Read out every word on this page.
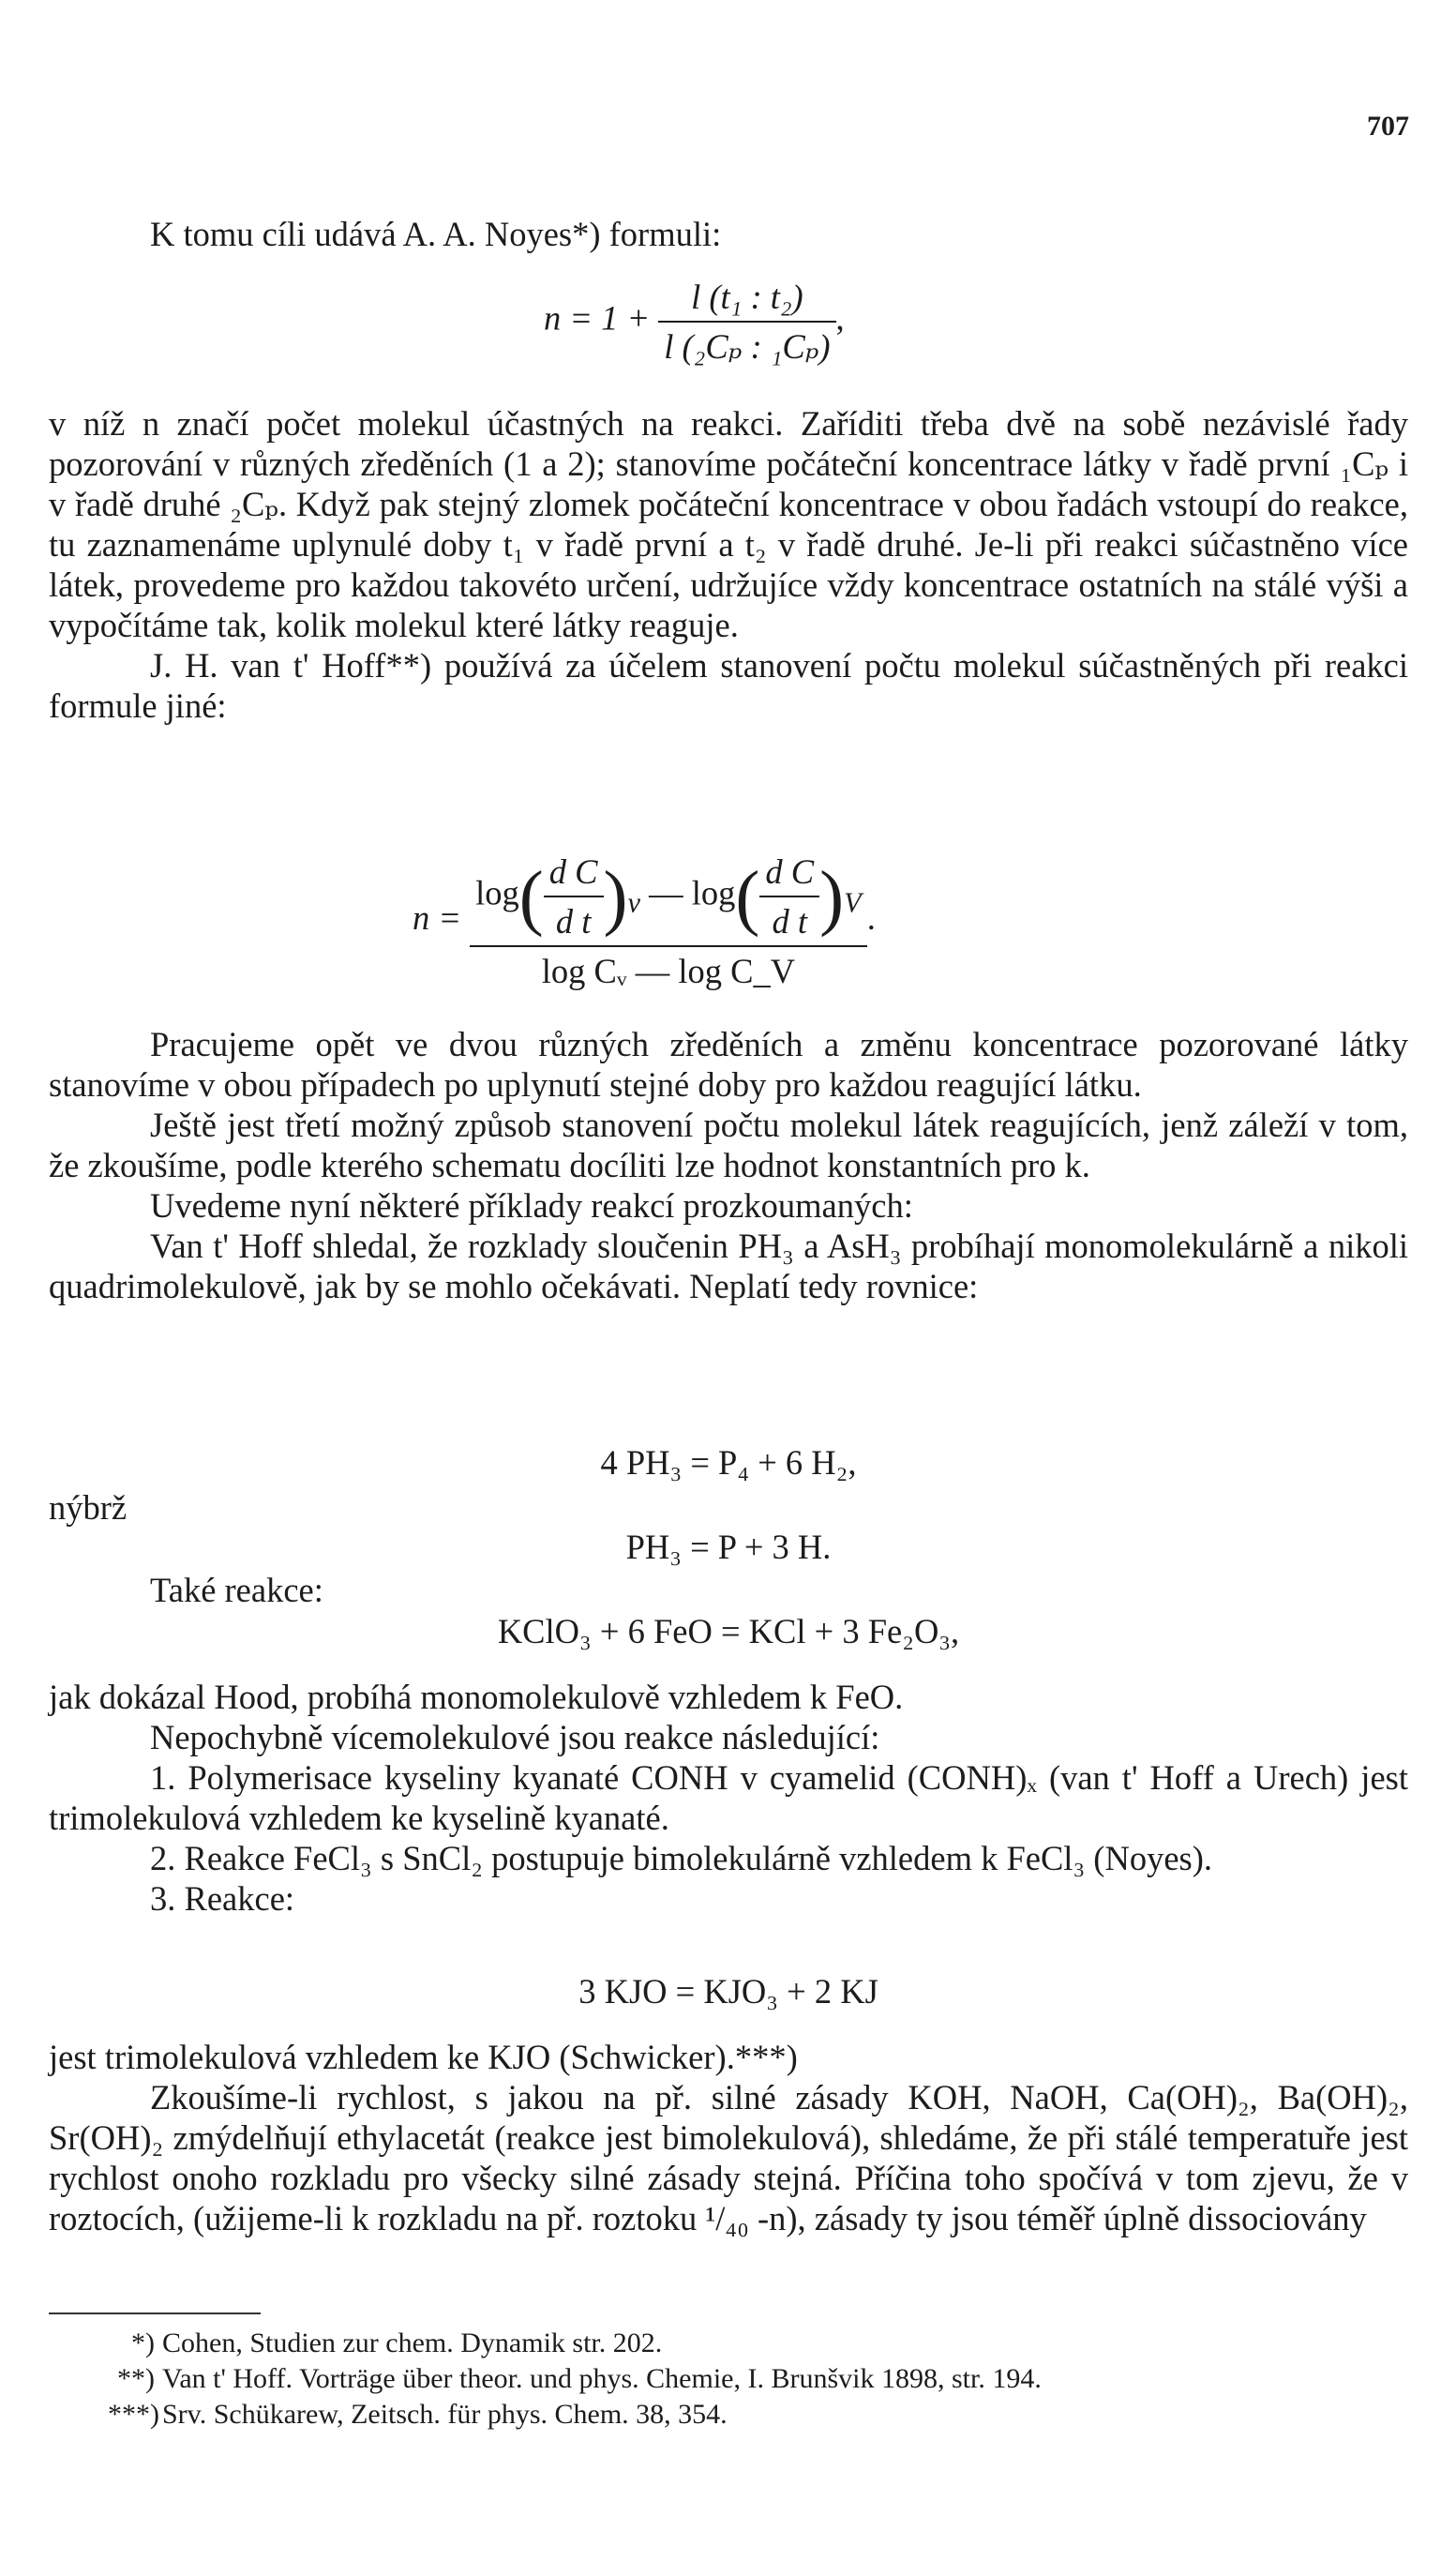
707

K tomu cíli udává A. A. Noyes*) formuli:

$n = 1 + \frac{\text{l (t₁ : t₂)}}{\text{l (₂Cₚ : ₁Cₚ)}}$ ,

v níž n značí počet molekul účastných na reakci. Zaříditi třeba dvě na sobě nezávislé řady pozorování v různých zředěních (1 a 2); stanovíme počáteční koncentrace látky v řadě první ₁Cₚ i v řadě druhé ₂Cₚ. Když pak stejný zlomek počáteční koncentrace v obou řadách vstoupí do reakce, tu zaznamenáme uplynulé doby t₁ v řadě první a t₂ v řadě druhé. Je-li při reakci súčastněno více látek, provedeme pro každou takovéto určení, udržujíce vždy koncentrace ostatních na stálé výši a vypočítáme tak, kolik molekul které látky reaguje.

J. H. van t' Hoff**) používá za účelem stanovení počtu molekul súčastněných při reakci formule jiné:

$n = \frac{\log( \frac{\text{d C}}{\text{d t}} )_v — \log( \frac{\text{d C}}{\text{d t}} )_V}{\text{log Cᵥ — log C\_V}}$ .

Pracujeme opět ve dvou různých zředěních a změnu koncentrace pozorované látky stanovíme v obou případech po uplynutí stejné doby pro každou reagující látku.

Ještě jest třetí možný způsob stanovení počtu molekul látek reagujících, jenž záleží v tom, že zkoušíme, podle kterého schematu docíliti lze hodnot konstantních pro k.

Uvedeme nyní některé příklady reakcí prozkoumaných:

Van t' Hoff shledal, že rozklady sloučenin PH₃ a AsH₃ probíhají monomolekulárně a nikoli quadrimolekulově, jak by se mohlo očekávati. Neplatí tedy rovnice:

4 PH₃ = P₄ + 6 H₂,
nýbrž
PH₃ = P + 3 H.
Také reakce:
KClO₃ + 6 FeO = KCl + 3 Fe₂O₃,

jak dokázal Hood, probíhá monomolekulově vzhledem k FeO.

Nepochybně vícemolekulové jsou reakce následující:

1. Polymerisace kyseliny kyanaté CONH v cyamelid (CONH)ₓ (van t' Hoff a Urech) jest trimolekulová vzhledem ke kyselině kyanaté.

2. Reakce FeCl₃ s SnCl₂ postupuje bimolekulárně vzhledem k FeCl₃ (Noyes).

3. Reakce:

3 KJO = KJO₃ + 2 KJ

jest trimolekulová vzhledem ke KJO (Schwicker).***)

Zkoušíme-li rychlost, s jakou na př. silné zásady KOH, NaOH, Ca(OH)₂, Ba(OH)₂, Sr(OH)₂ zmýdelňují ethylacetát (reakce jest bimolekulová), shledáme, že při stálé temperatuře jest rychlost onoho rozkladu pro všecky silné zásady stejná. Příčina toho spočívá v tom zjevu, že v roztocích, (užijeme-li k rozkladu na př. roztoku ¹/₄₀ -n), zásady ty jsou téměř úplně dissociovány

*) Cohen, Studien zur chem. Dynamik str. 202.
**) Van t' Hoff. Vorträge über theor. und phys. Chemie, I. Brunšvik 1898, str. 194.
***) Srv. Schükarew, Zeitsch. für phys. Chem. 38, 354.
